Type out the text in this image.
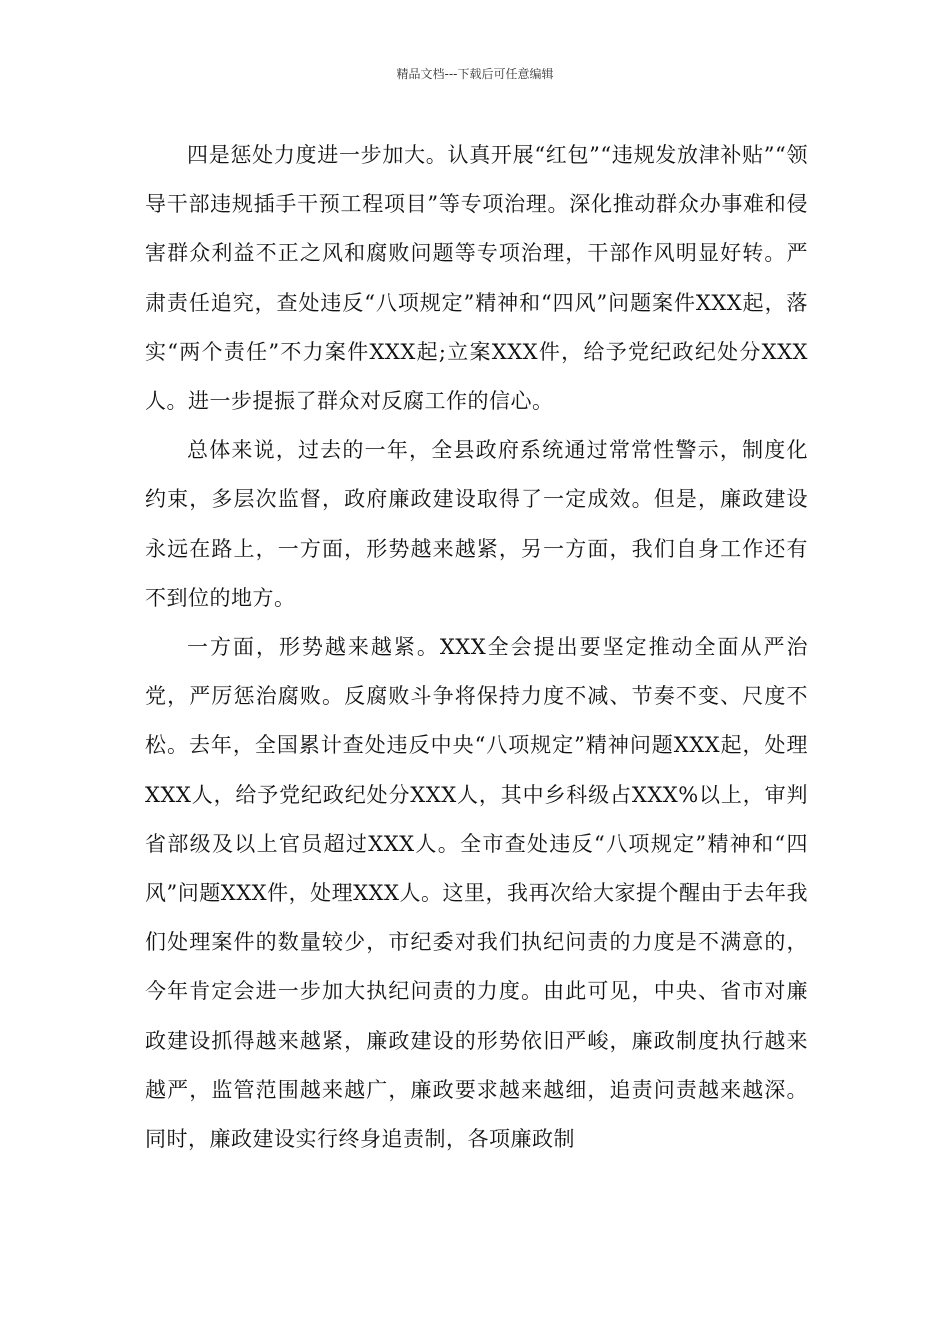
精品文档---下载后可任意编辑

四是惩处力度进一步加大。认真开展“红包”“违规发放津补贴”“领导干部违规插手干预工程项目”等专项治理。深化推动群众办事难和侵害群众利益不正之风和腐败问题等专项治理，干部作风明显好转。严肃责任追究，查处违反“八项规定”精神和“四风”问题案件XXX起，落实“两个责任”不力案件XXX起;立案XXX件，给予党纪政纪处分XXX人。进一步提振了群众对反腐工作的信心。

总体来说，过去的一年，全县政府系统通过常常性警示，制度化约束，多层次监督，政府廉政建设取得了一定成效。但是，廉政建设永远在路上，一方面，形势越来越紧，另一方面，我们自身工作还有不到位的地方。

一方面，形势越来越紧。XXX全会提出要坚定推动全面从严治党，严厉惩治腐败。反腐败斗争将保持力度不减、节奏不变、尺度不松。去年，全国累计查处违反中央“八项规定”精神问题XXX起，处理XXX人，给予党纪政纪处分XXX人，其中乡科级占XXX%以上，审判省部级及以上官员超过XXX人。全市查处违反“八项规定”精神和“四风”问题XXX件，处理XXX人。这里，我再次给大家提个醒由于去年我们处理案件的数量较少，市纪委对我们执纪问责的力度是不满意的，今年肯定会进一步加大执纪问责的力度。由此可见，中央、省市对廉政建设抓得越来越紧，廉政建设的形势依旧严峻，廉政制度执行越来越严，监管范围越来越广，廉政要求越来越细，追责问责越来越深。同时，廉政建设实行终身追责制，各项廉政制
